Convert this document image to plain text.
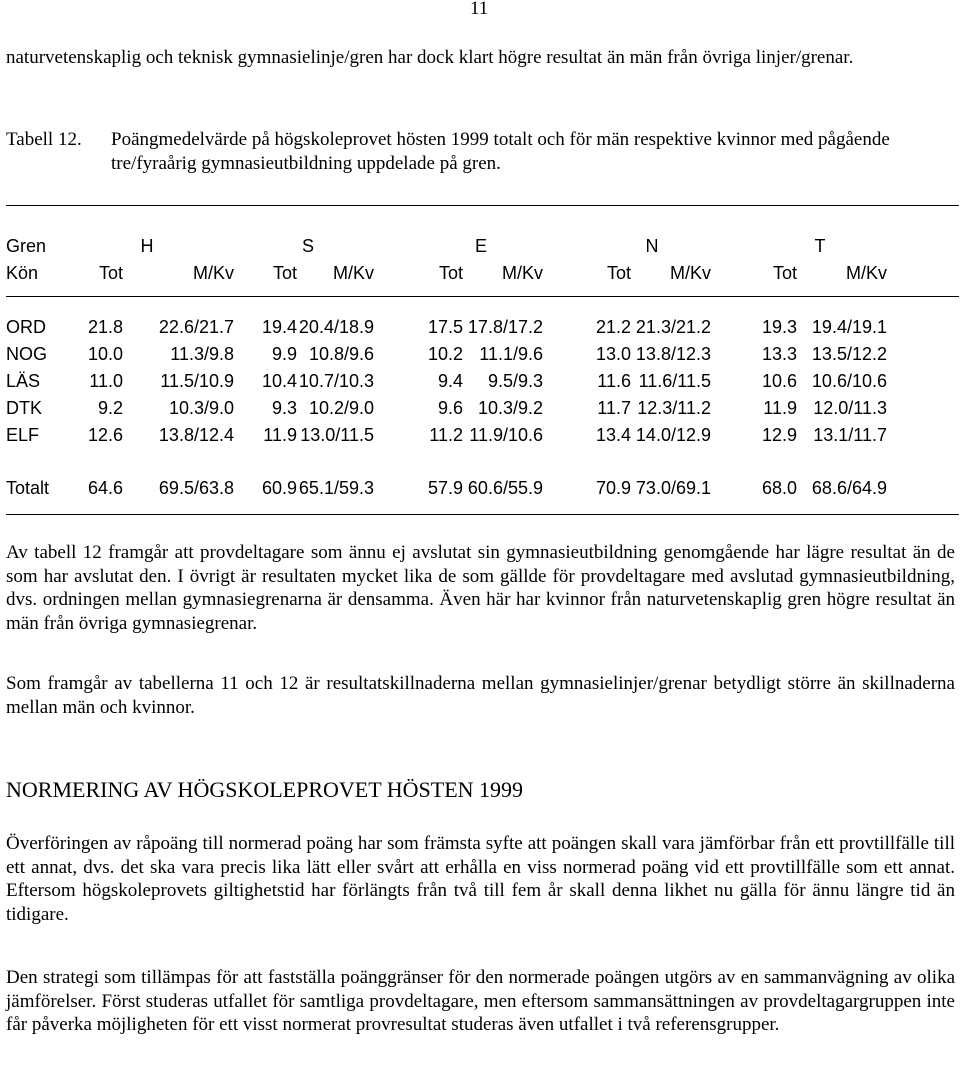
11

naturvetenskaplig och teknisk gymnasielinje/gren har dock klart högre resultat än män från övriga linjer/grenar.

Tabell 12. Poängmedelvärde på högskoleprovet hösten 1999 totalt och för män respektive kvinnor med pågående tre/fyraårig gymnasieutbildning uppdelade på gren.
Gren
Kön
H	S	E	N	T
Tot	M/Kv	Tot	M/Kv	Tot	M/Kv	Tot	M/Kv	Tot	M/Kv
ORD	21.8	22.6/21.7	19.4 20.4/18.9	17.5 17.8/17.2	21.2 21.3/21.2	19.3 19.4/19.1
NOG	10.0	11.3/9.8	9.9 10.8/9.6	10.2 11.1/9.6	13.0 13.8/12.3	13.3 13.5/12.2
LÄS	11.0	11.5/10.9	10.4 10.7/10.3	9.4	9.5/9.3	11.6 11.6/11.5	10.6 10.6/10.6
DTK	9.2	10.3/9.0	9.3 10.2/9.0	9.6 10.3/9.2	11.7 12.3/11.2	11.9 12.0/11.3
ELF	12.6	13.8/12.4	11.9 13.0/11.5	11.2 11.9/10.6	13.4 14.0/12.9	12.9 13.1/11.7
Totalt	64.6	69.5/63.8	60.9 65.1/59.3	57.9 60.6/55.9	70.9 73.0/69.1	68.0 68.6/64.9

Av tabell 12 framgår att provdeltagare som ännu ej avslutat sin gymnasieutbildning genomgående har lägre resultat än de som har avslutat den. I övrigt är resultaten mycket lika de som gällde för provdeltagare med avslutad gymnasieutbildning, dvs. ordningen mellan gymnasiegrenarna är densamma. Även här har kvinnor från naturvetenskaplig gren högre resultat än män från övriga gymnasiegrenar.

Som framgår av tabellerna 11 och 12 är resultatskillnaderna mellan gymnasielinjer/grenar betydligt större än skillnaderna mellan män och kvinnor.

NORMERING AV HÖGSKOLEPROVET HÖSTEN 1999

Överföringen av råpoäng till normerad poäng har som främsta syfte att poängen skall vara jämförbar från ett provtillfälle till ett annat, dvs. det ska vara precis lika lätt eller svårt att erhålla en viss normerad poäng vid ett provtillfälle som ett annat. Eftersom högskoleprovets giltighetstid har förlängts från två till fem år skall denna likhet nu gälla för ännu längre tid än tidigare.

Den strategi som tillämpas för att fastställa poänggränser för den normerade poängen utgörs av en sammanvägning av olika jämförelser. Först studeras utfallet för samtliga provdeltagare, men eftersom sammansättningen av provdeltagargruppen inte får påverka möjligheten för ett visst normerat provresultat studeras även utfallet i två referensgrupper.
